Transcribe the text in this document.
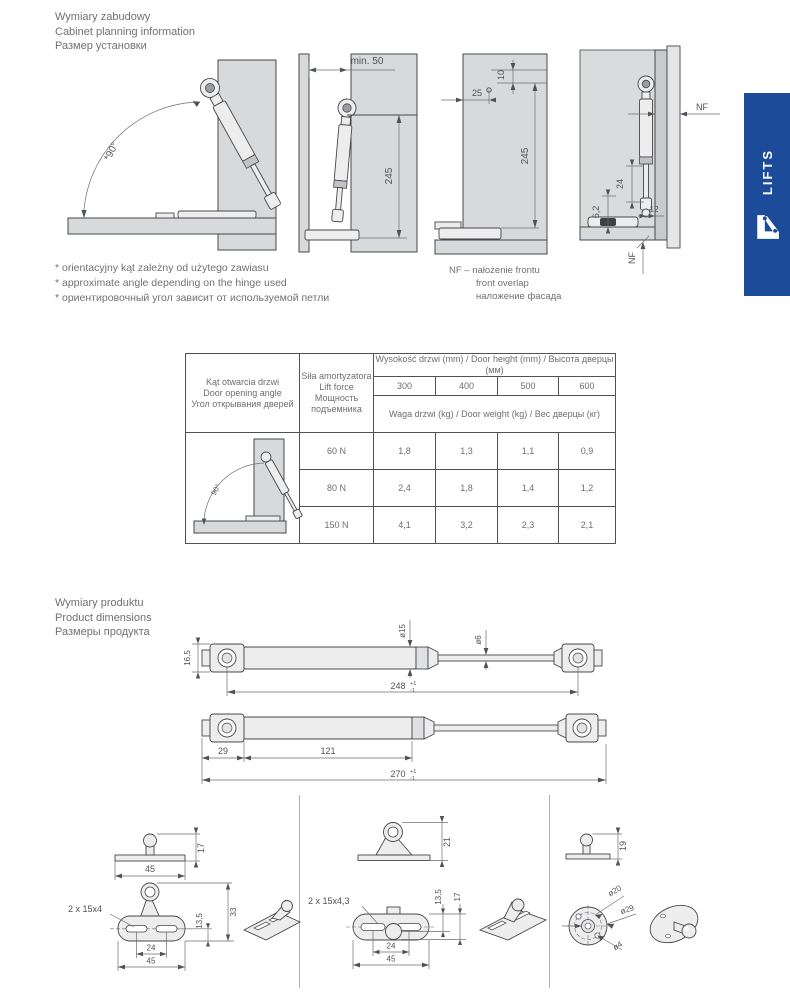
Wymiary zabudowy
Cabinet planning information
Размер установки
*90°
min. 50
245
10
25
245
NF
24
6,2	12
NF
LIFTS
* orientacyjny kąt zależny od użytego zawiasu
* approximate angle depending on the hinge used
* ориентировочный угол зависит от используемой петли
NF – nałożenie frontu
front overlap
наложение фасада
Kąt otwarcia drzwi
Door opening angle
Угол открывания дверей

Siła amortyzatora
Lift force
Мощность
подъемника
	Wysokość drzwi (mm) / Door height (mm) / Высота дверцы (мм)
		300	400	500	600
		Waga drzwi (kg) / Door weight (kg) / Вес дверцы (кг)			

90°	60 N	1,8	1,3	1,1	0,9
	80 N	2,4	1,8	1,4	1,2
	150 N	4,1	3,2	2,3	2,1
Wymiary produktu
Product dimensions
Размеры продукта
16,5
ø15
ø6
248 +1
-1
29	121
270 +1
-1
17
45
2 x 15x4
13,5
33
24
45
21
2 x 15x4,3	13,5 17
24
45
19
ø20
ø29
ø4
